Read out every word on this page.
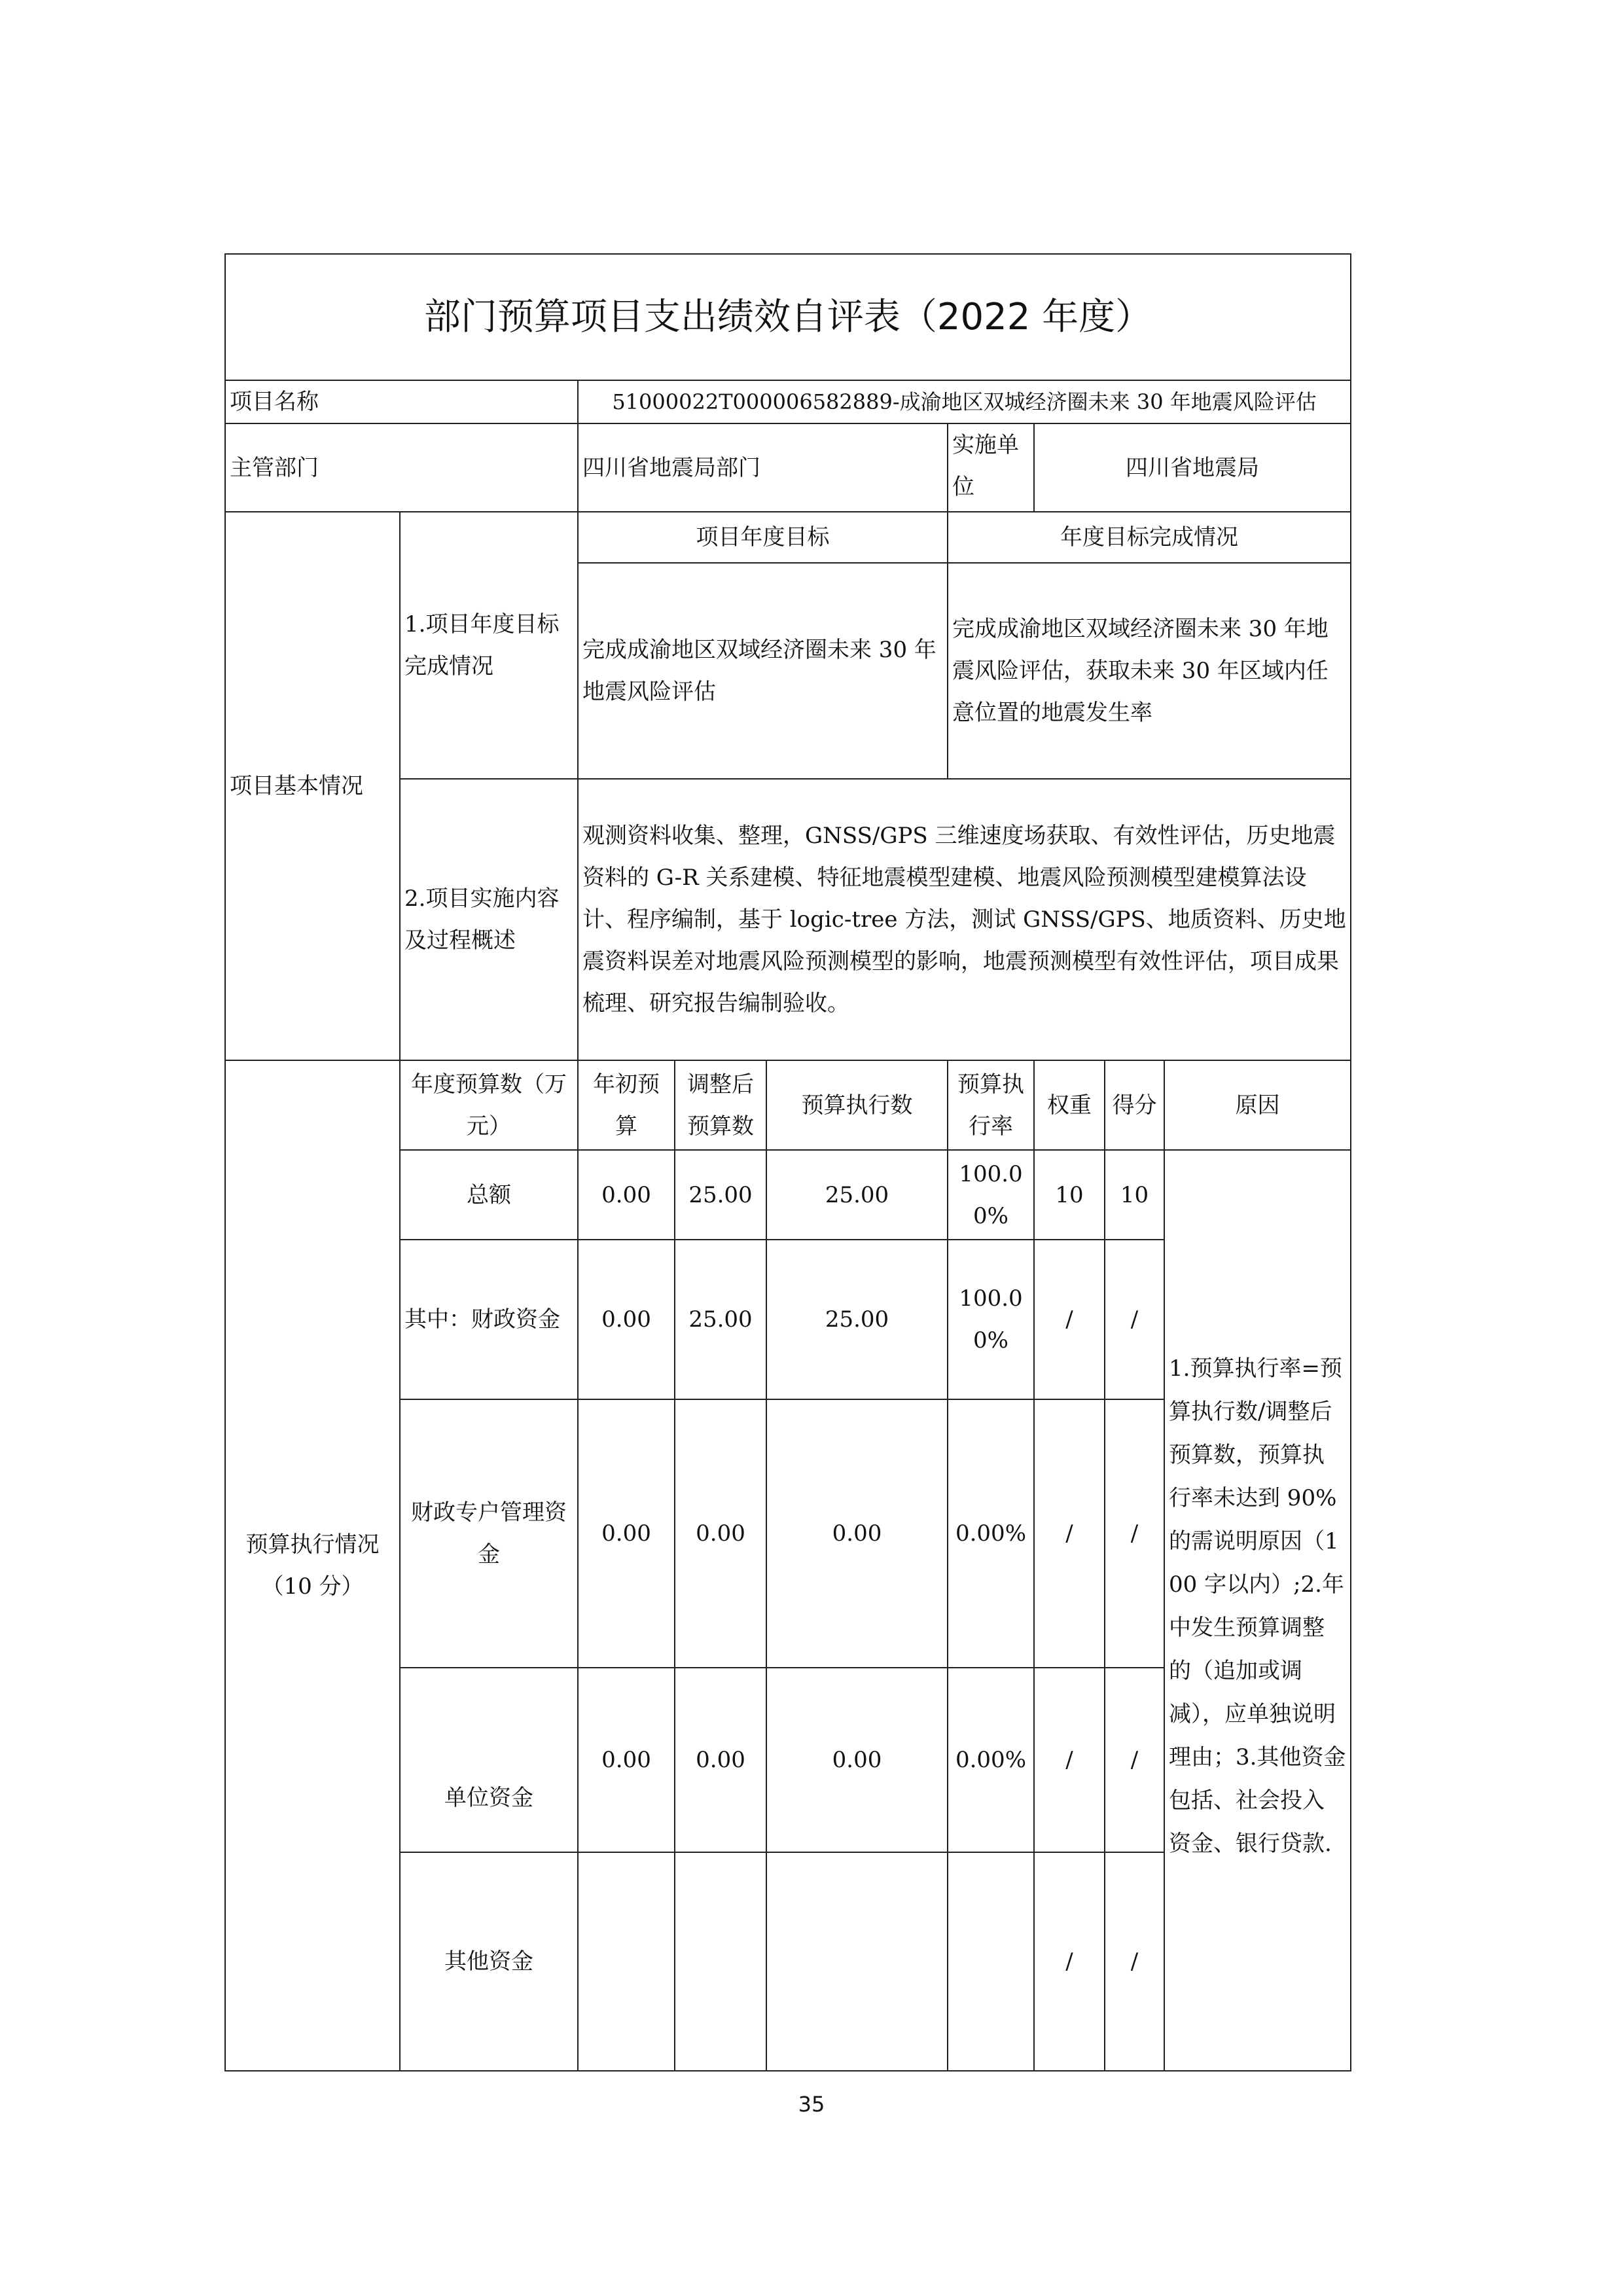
部门预算项目支出绩效自评表（2022 年度）								
项目名称		51000022T000006582889-成渝地区双城经济圈未来 30 年地震风险评估						
主管部门		四川省地震局部门			实施单位	四川省地震局		
项目基本情况	1.项目年度目标完成情况	项目年度目标			年度目标完成情况			
		完成成渝地区双域经济圈未来 30 年地震风险评估			完成成渝地区双域经济圈未来 30 年地震风险评估，获取未来 30 年区域内任意位置的地震发生率			
	2.项目实施内容及过程概述	观测资料收集、整理，GNSS/GPS 三维速度场获取、有效性评估，历史地震资料的 G-R 关系建模、特征地震模型建模、地震风险预测模型建模算法设计、程序编制，基于 logic-tree 方法，测试 GNSS/GPS、地质资料、历史地震资料误差对地震风险预测模型的影响，地震预测模型有效性评估，项目成果梳理、研究报告编制验收。						
预算执行情况（10 分）	年度预算数（万元）	年初预算	调整后预算数	预算执行数	预算执行率	权重	得分	原因
	总额	0.00	25.00	25.00	100.00%	10	10	1.预算执行率=预算执行数/调整后预算数，预算执行率未达到 90%的需说明原因（100 字以内）;2.年中发生预算调整的（追加或调减），应单独说明理由；3.其他资金包括、社会投入资金、银行贷款.
	其中：财政资金	0.00	25.00	25.00	100.00%	/	/	
	财政专户管理资金	0.00	0.00	0.00	0.00%	/	/	
	单位资金	0.00	0.00	0.00	0.00%	/	/	
	其他资金					/	/	
35
